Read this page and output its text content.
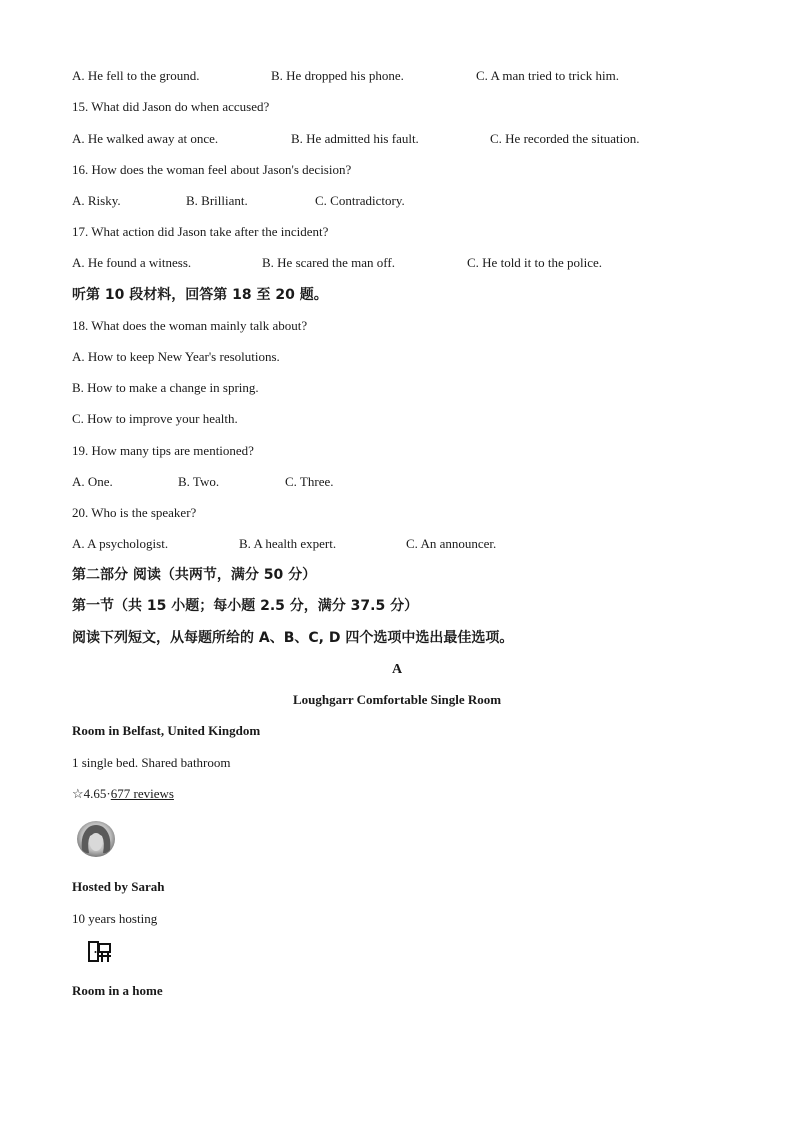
A. He fell to the ground.	B. He dropped his phone.	C. A man tried to trick him.
15. What did Jason do when accused?
A. He walked away at once.	B. He admitted his fault.	C. He recorded the situation.
16. How does the woman feel about Jason's decision?
A. Risky.	B. Brilliant.	C. Contradictory.
17. What action did Jason take after the incident?
A. He found a witness.	B. He scared the man off.	C. He told it to the police.
听第 10 段材料，回答第 18 至 20 题。
18. What does the woman mainly talk about?
A. How to keep New Year's resolutions.
B. How to make a change in spring.
C. How to improve your health.
19. How many tips are mentioned?
A. One.	B. Two.	C. Three.
20. Who is the speaker?
A. A psychologist.	B. A health expert.	C. An announcer.
第二部分 阅读（共两节，满分 50 分）
第一节（共 15 小题；每小题 2.5 分，满分 37.5 分）
阅读下列短文，从每题所给的 A、B、C, D 四个选项中选出最佳选项。
A
Loughgarr Comfortable Single Room
Room in Belfast, United Kingdom
1 single bed. Shared bathroom
☆4.65·677 reviews
Hosted by Sarah
10 years hosting
Room in a home
